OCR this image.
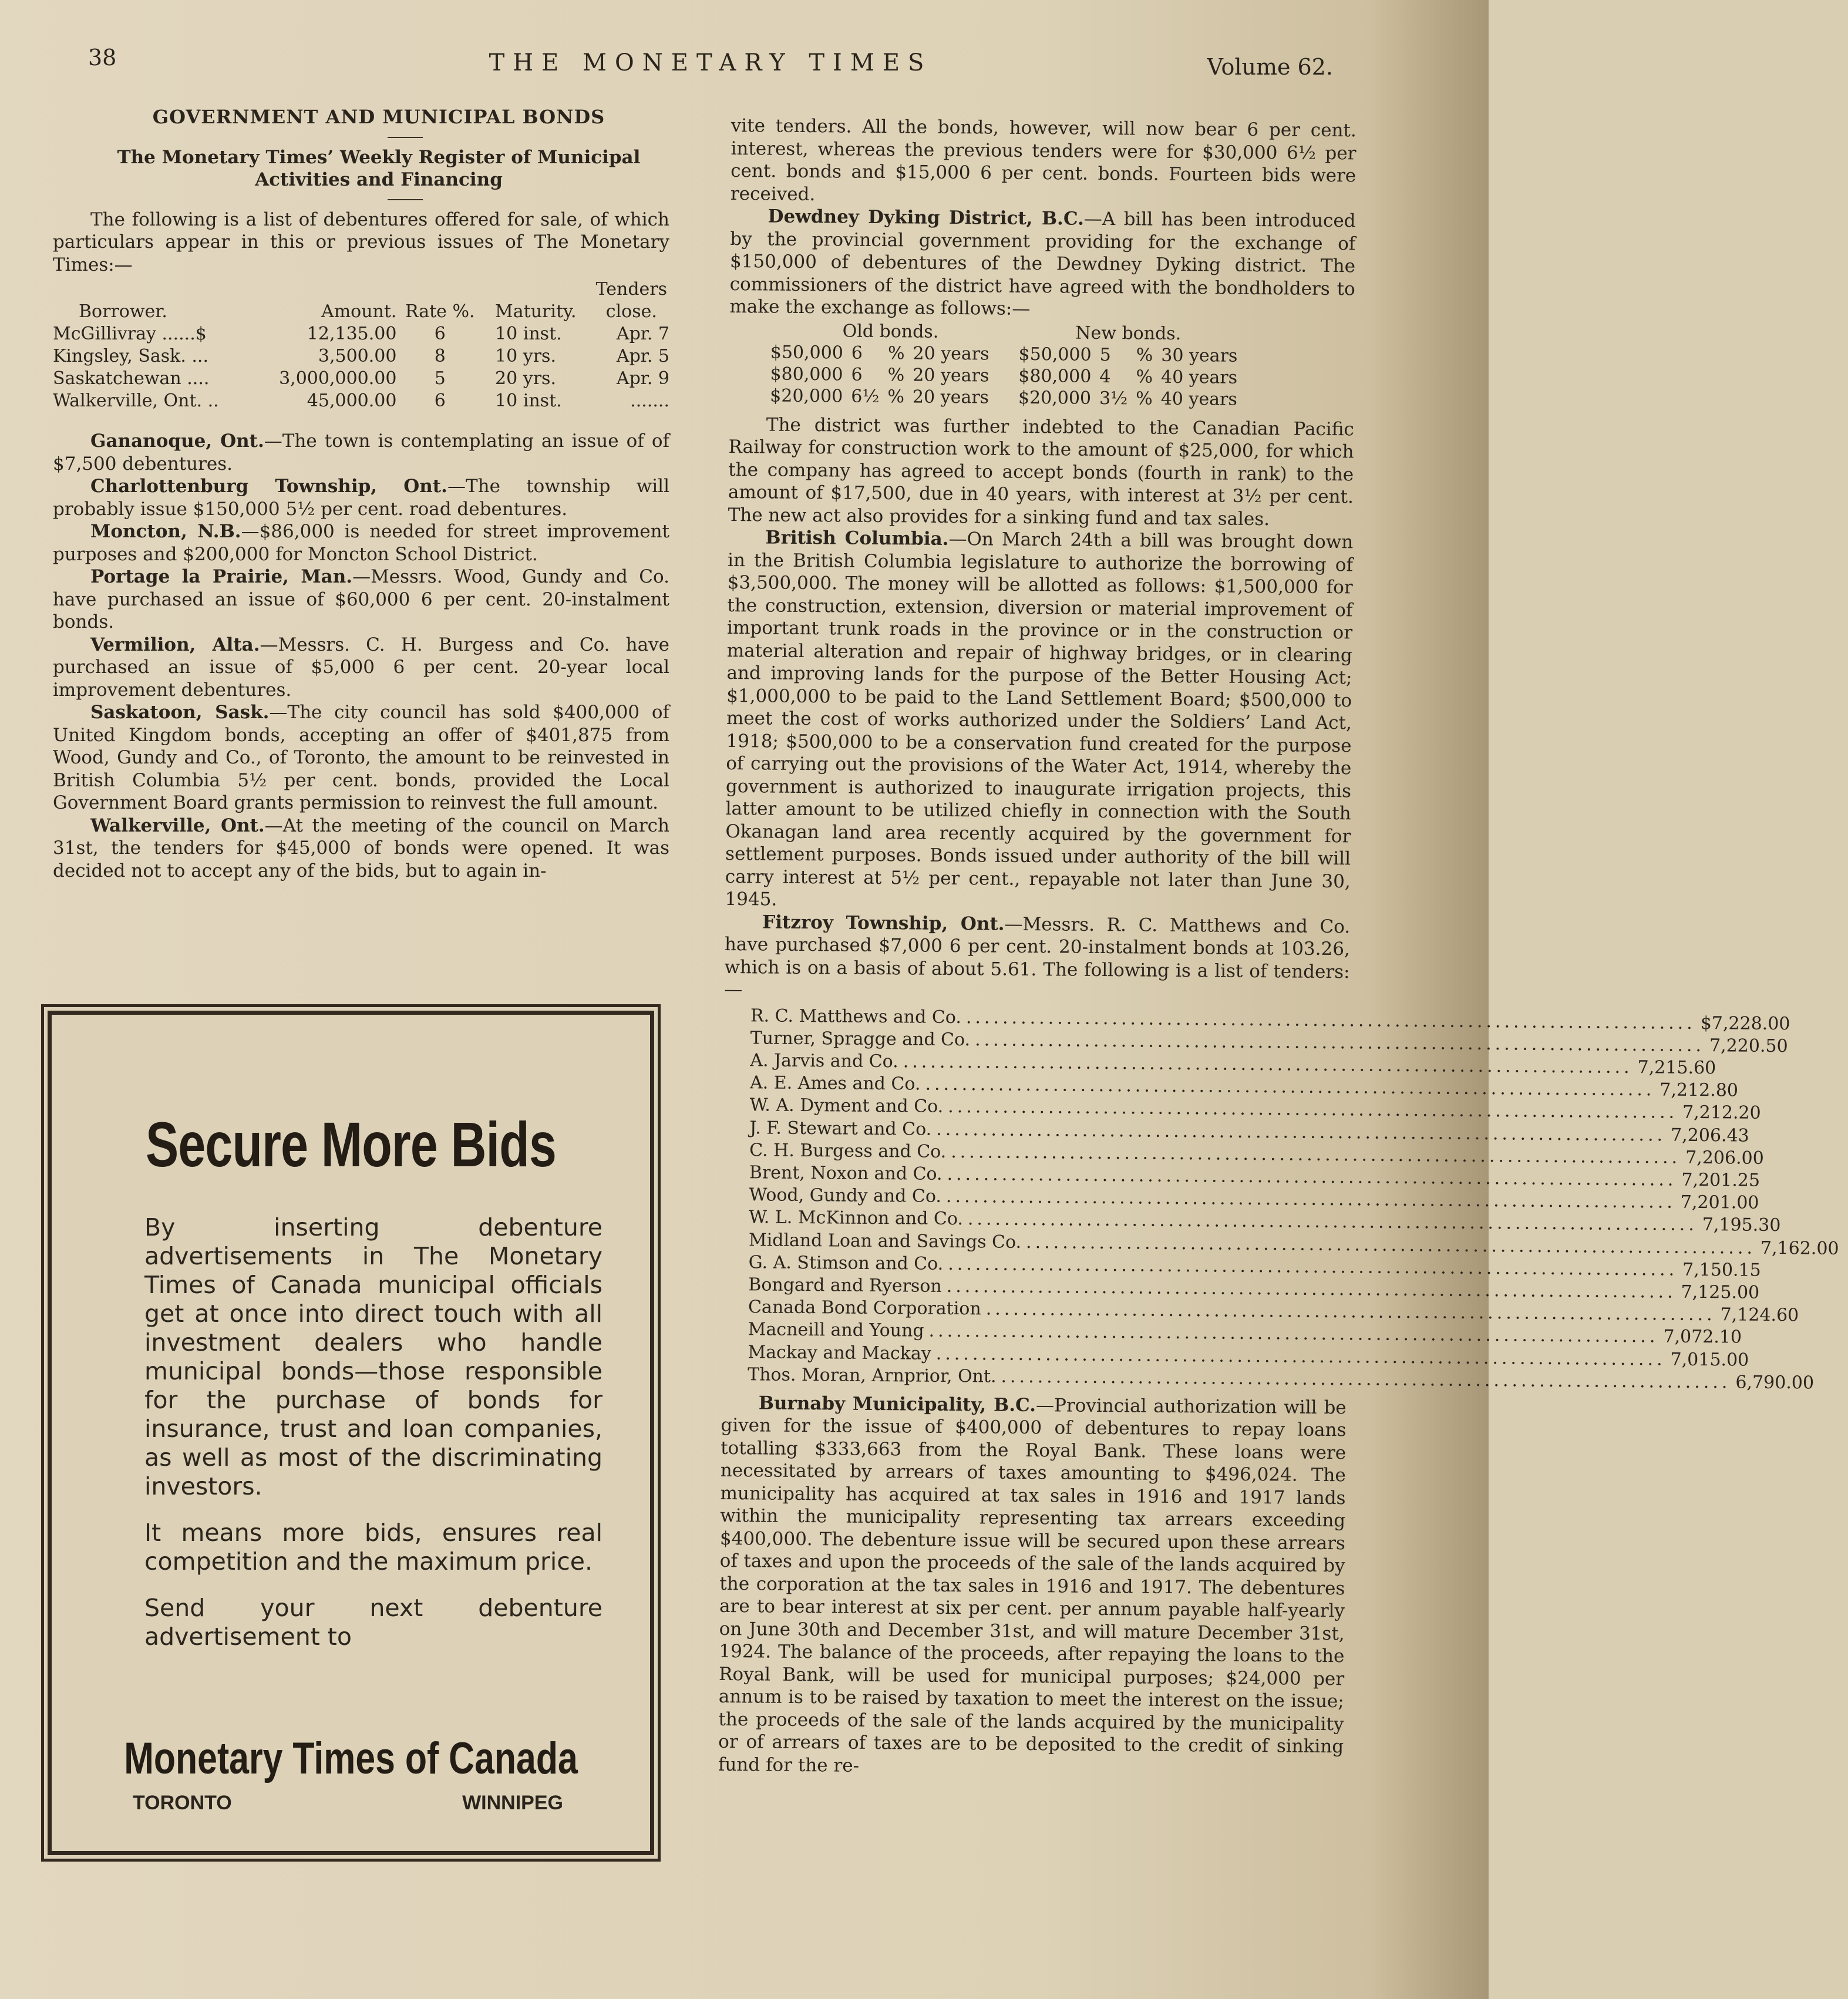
38	THE MONETARY TIMES	Volume 62.
GOVERNMENT AND MUNICIPAL BONDS
The Monetary Times’ Weekly Register of Municipal Activities and Financing

The following is a list of debentures offered for sale, of which particulars appear in this or previous issues of The Monetary Times:—

Borrower.	Amount.	Rate %.	Maturity.	Tenders close.
McGillivray ......$	12,135.00	6	10 inst.	Apr. 7
Kingsley, Sask. ...	3,500.00	8	10 yrs.	Apr. 5
Saskatchewan ....	3,000,000.00	5	20 yrs.	Apr. 9
Walkerville, Ont. ..	45,000.00	6	10 inst.	.......

Gananoque, Ont.—The town is contemplating an issue of of $7,500 debentures.

Charlottenburg Township, Ont.—The township will probably issue $150,000 5½ per cent. road debentures.

Moncton, N.B.—$86,000 is needed for street improvement purposes and $200,000 for Moncton School District.

Portage la Prairie, Man.—Messrs. Wood, Gundy and Co. have purchased an issue of $60,000 6 per cent. 20-instalment bonds.

Vermilion, Alta.—Messrs. C. H. Burgess and Co. have purchased an issue of $5,000 6 per cent. 20-year local improvement debentures.

Saskatoon, Sask.—The city council has sold $400,000 of United Kingdom bonds, accepting an offer of $401,875 from Wood, Gundy and Co., of Toronto, the amount to be reinvested in British Columbia 5½ per cent. bonds, provided the Local Government Board grants permission to reinvest the full amount.

Walkerville, Ont.—At the meeting of the council on March 31st, the tenders for $45,000 of bonds were opened. It was decided not to accept any of the bids, but to again in-

Secure More Bids

By inserting debenture advertisements in The Monetary Times of Canada municipal officials get at once into direct touch with all investment dealers who handle municipal bonds—those responsible for the purchase of bonds for insurance, trust and loan companies, as well as most of the discriminating investors.

It means more bids, ensures real competition and the maximum price.

Send your next debenture advertisement to

Monetary Times of Canada
TORONTO	WINNIPEG

vite tenders. All the bonds, however, will now bear 6 per cent. interest, whereas the previous tenders were for $30,000 6½ per cent. bonds and $15,000 6 per cent. bonds. Fourteen bids were received.

Dewdney Dyking District, B.C.—A bill has been introduced by the provincial government providing for the exchange of $150,000 of debentures of the Dewdney Dyking district. The commissioners of the district have agreed with the bondholders to make the exchange as follows:—

Old bonds.				New bonds.			
$50,000	6	%	20 years	$50,000	5	%	30 years
$80,000	6	%	20 years	$80,000	4	%	40 years
$20,000	6½	%	20 years	$20,000	3½	%	40 years

The district was further indebted to the Canadian Pacific Railway for construction work to the amount of $25,000, for which the company has agreed to accept bonds (fourth in rank) to the amount of $17,500, due in 40 years, with interest at 3½ per cent. The new act also provides for a sinking fund and tax sales.

British Columbia.—On March 24th a bill was brought down in the British Columbia legislature to authorize the borrowing of $3,500,000. The money will be allotted as follows: $1,500,000 for the construction, extension, diversion or material improvement of important trunk roads in the province or in the construction or material alteration and repair of highway bridges, or in clearing and improving lands for the purpose of the Better Housing Act; $1,000,000 to be paid to the Land Settlement Board; $500,000 to meet the cost of works authorized under the Soldiers’ Land Act, 1918; $500,000 to be a conservation fund created for the purpose of carrying out the provisions of the Water Act, 1914, whereby the government is authorized to inaugurate irrigation projects, this latter amount to be utilized chiefly in connection with the South Okanagan land area recently acquired by the government for settlement purposes. Bonds issued under authority of the bill will carry interest at 5½ per cent., repayable not later than June 30, 1945.

Fitzroy Township, Ont.—Messrs. R. C. Matthews and Co. have purchased $7,000 6 per cent. 20-instalment bonds at 103.26, which is on a basis of about 5.61. The following is a list of tenders:—

R. C. Matthews and Co. ................................................................................ $7,228.00
Turner, Spragge and Co. ................................................................................ 7,220.50
A. Jarvis and Co. ................................................................................ 7,215.60
A. E. Ames and Co. ................................................................................ 7,212.80
W. A. Dyment and Co. ................................................................................ 7,212.20
J. F. Stewart and Co. ................................................................................ 7,206.43
C. H. Burgess and Co. ................................................................................ 7,206.00
Brent, Noxon and Co. ................................................................................ 7,201.25
Wood, Gundy and Co. ................................................................................ 7,201.00
W. L. McKinnon and Co. ................................................................................ 7,195.30
Midland Loan and Savings Co. ................................................................................ 7,162.00
G. A. Stimson and Co. ................................................................................ 7,150.15
Bongard and Ryerson ................................................................................ 7,125.00
Canada Bond Corporation ................................................................................ 7,124.60
Macneill and Young ................................................................................ 7,072.10
Mackay and Mackay ................................................................................ 7,015.00
Thos. Moran, Arnprior, Ont. ................................................................................ 6,790.00

Burnaby Municipality, B.C.—Provincial authorization will be given for the issue of $400,000 of debentures to repay loans totalling $333,663 from the Royal Bank. These loans were necessitated by arrears of taxes amounting to $496,024. The municipality has acquired at tax sales in 1916 and 1917 lands within the municipality representing tax arrears exceeding $400,000. The debenture issue will be secured upon these arrears of taxes and upon the proceeds of the sale of the lands acquired by the corporation at the tax sales in 1916 and 1917. The debentures are to bear interest at six per cent. per annum payable half-yearly on June 30th and December 31st, and will mature December 31st, 1924. The balance of the proceeds, after repaying the loans to the Royal Bank, will be used for municipal purposes; $24,000 per annum is to be raised by taxation to meet the interest on the issue; the proceeds of the sale of the lands acquired by the municipality or of arrears of taxes are to be deposited to the credit of sinking fund for the re-
